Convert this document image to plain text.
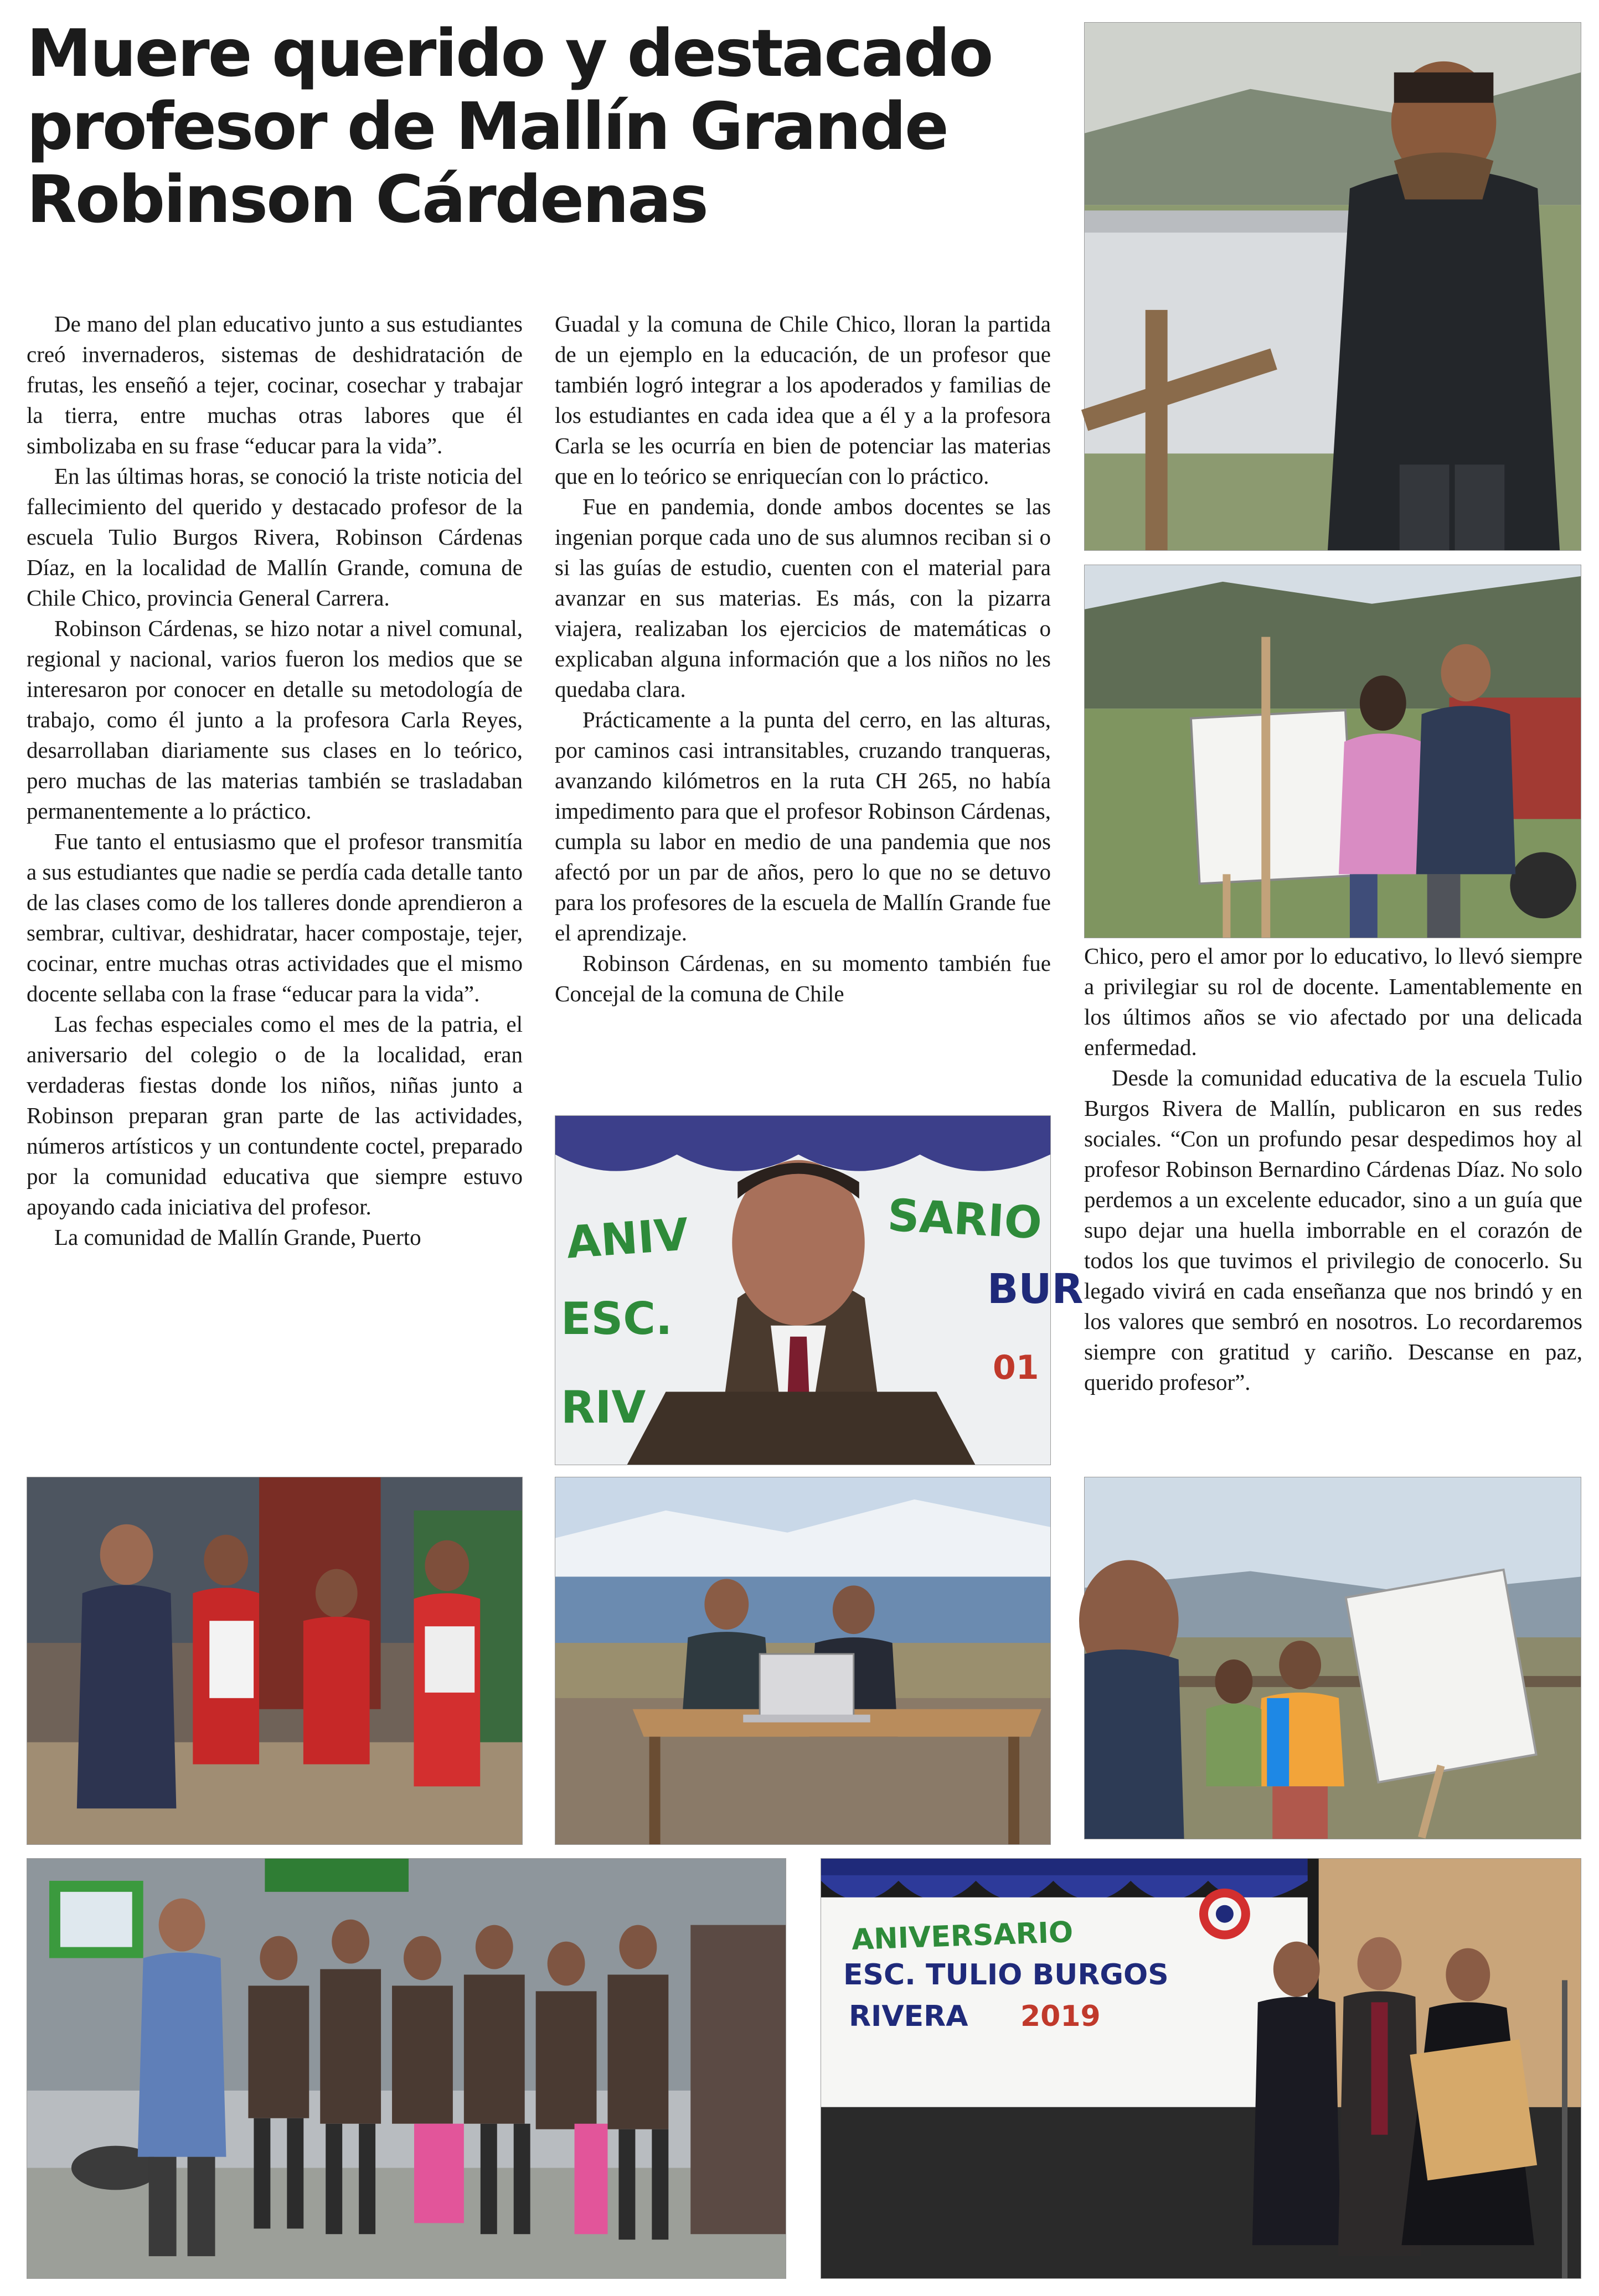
Muere querido y destacado
profesor de Mallín Grande
Robinson Cárdenas

De mano del plan educativo junto a sus estudiantes creó invernaderos, sistemas de deshidratación de frutas, les enseñó a tejer, cocinar, cosechar y trabajar la tierra, entre muchas otras labores que él simbolizaba en su frase “educar para la vida”.

En las últimas horas, se conoció la triste noticia del fallecimiento del querido y destacado profesor de la escuela Tulio Burgos Rivera, Robinson Cárdenas Díaz, en la localidad de Mallín Grande, comuna de Chile Chico, provincia General Carrera.

Robinson Cárdenas, se hizo notar a nivel comunal, regional y nacional, varios fueron los medios que se interesaron por conocer en detalle su metodología de trabajo, como él junto a la profesora Carla Reyes, desarrollaban diariamente sus clases en lo teórico, pero muchas de las materias también se trasladaban permanentemente a lo práctico.

Fue tanto el entusiasmo que el profesor transmitía a sus estudiantes que nadie se perdía cada detalle tanto de las clases como de los talleres donde aprendieron a sembrar, cultivar, deshidratar, hacer compostaje, tejer, cocinar, entre muchas otras actividades que el mismo docente sellaba con la frase “educar para la vida”.

Las fechas especiales como el mes de la patria, el aniversario del colegio o de la localidad, eran verdaderas fiestas donde los niños, niñas junto a Robinson preparan gran parte de las actividades, números artísticos y un contundente coctel, preparado por la comunidad educativa que siempre estuvo apoyando cada iniciativa del profesor.

La comunidad de Mallín Grande, Puerto

Guadal y la comuna de Chile Chico, lloran la partida de un ejemplo en la educación, de un profesor que también logró integrar a los apoderados y familias de los estudiantes en cada idea que a él y a la profesora Carla se les ocurría en bien de potenciar las materias que en lo teórico se enriquecían con lo práctico.

Fue en pandemia, donde ambos docentes se las ingenian porque cada uno de sus alumnos reciban si o si las guías de estudio, cuenten con el material para avanzar en sus materias. Es más, con la pizarra viajera, realizaban los ejercicios de matemáticas o explicaban alguna información que a los niños no les quedaba clara.

Prácticamente a la punta del cerro, en las alturas, por caminos casi intransitables, cruzando tranqueras, avanzando kilómetros en la ruta CH 265, no había impedimento para que el profesor Robinson Cárdenas, cumpla su labor en medio de una pandemia que nos afectó por un par de años, pero lo que no se detuvo para los profesores de la escuela de Mallín Grande fue el aprendizaje.

Robinson Cárdenas, en su momento también fue Concejal de la comuna de Chile

Chico, pero el amor por lo educativo, lo llevó siempre a privilegiar su rol de docente. Lamentablemente en los últimos años se vio afectado por una delicada enfermedad.

Desde la comunidad educativa de la escuela Tulio Burgos Rivera de Mallín, publicaron en sus redes sociales. “Con un profundo pesar despedimos hoy al profesor Robinson Bernardino Cárdenas Díaz. No solo perdemos a un excelente educador, sino a un guía que supo dejar una huella imborrable en el corazón de todos los que tuvimos el privilegio de conocerlo. Su legado vivirá en cada enseñanza que nos brindó y en los valores que sembró en nosotros. Lo recordaremos siempre con gratitud y cariño. Descanse en paz, querido profesor”.

ANIV	SARIO
ESC.
BUR
RIV
01
ANIVERSARIO
ESC. TULIO BURGOS
RIVERA 2019
